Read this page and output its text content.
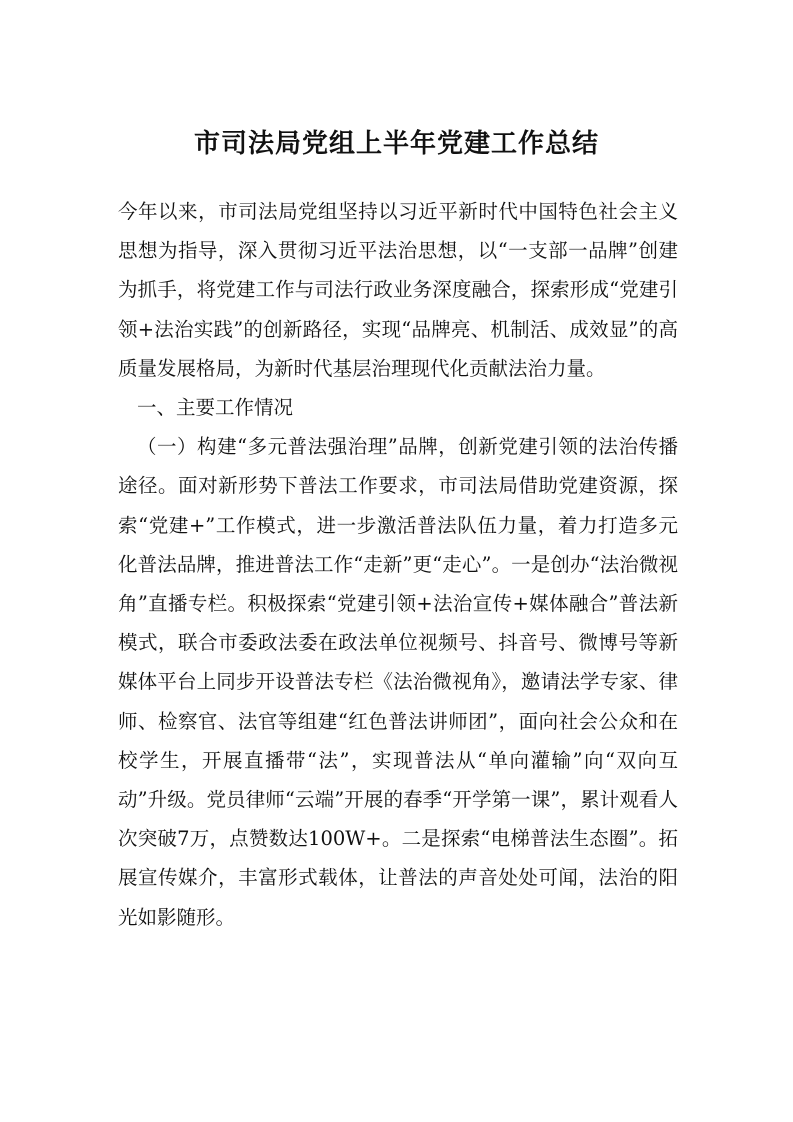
市司法局党组上半年党建工作总结

今年以来，市司法局党组坚持以习近平新时代中国特色社会主义思想为指导，深入贯彻习近平法治思想，以“一支部一品牌”创建为抓手，将党建工作与司法行政业务深度融合，探索形成“党建引领+法治实践”的创新路径，实现“品牌亮、机制活、成效显”的高质量发展格局，为新时代基层治理现代化贡献法治力量。

一、主要工作情况

（一）构建“多元普法强治理”品牌，创新党建引领的法治传播途径。面对新形势下普法工作要求，市司法局借助党建资源，探索“党建+”工作模式，进一步激活普法队伍力量，着力打造多元化普法品牌，推进普法工作“走新”更“走心”。一是创办“法治微视角”直播专栏。积极探索“党建引领+法治宣传+媒体融合”普法新模式，联合市委政法委在政法单位视频号、抖音号、微博号等新媒体平台上同步开设普法专栏《法治微视角》，邀请法学专家、律师、检察官、法官等组建“红色普法讲师团”，面向社会公众和在校学生，开展直播带“法”，实现普法从“单向灌输”向“双向互动”升级。党员律师“云端”开展的春季“开学第一课”，累计观看人次突破7万，点赞数达100W+。二是探索“电梯普法生态圈”。拓展宣传媒介，丰富形式载体，让普法的声音处处可闻，法治的阳光如影随形。
